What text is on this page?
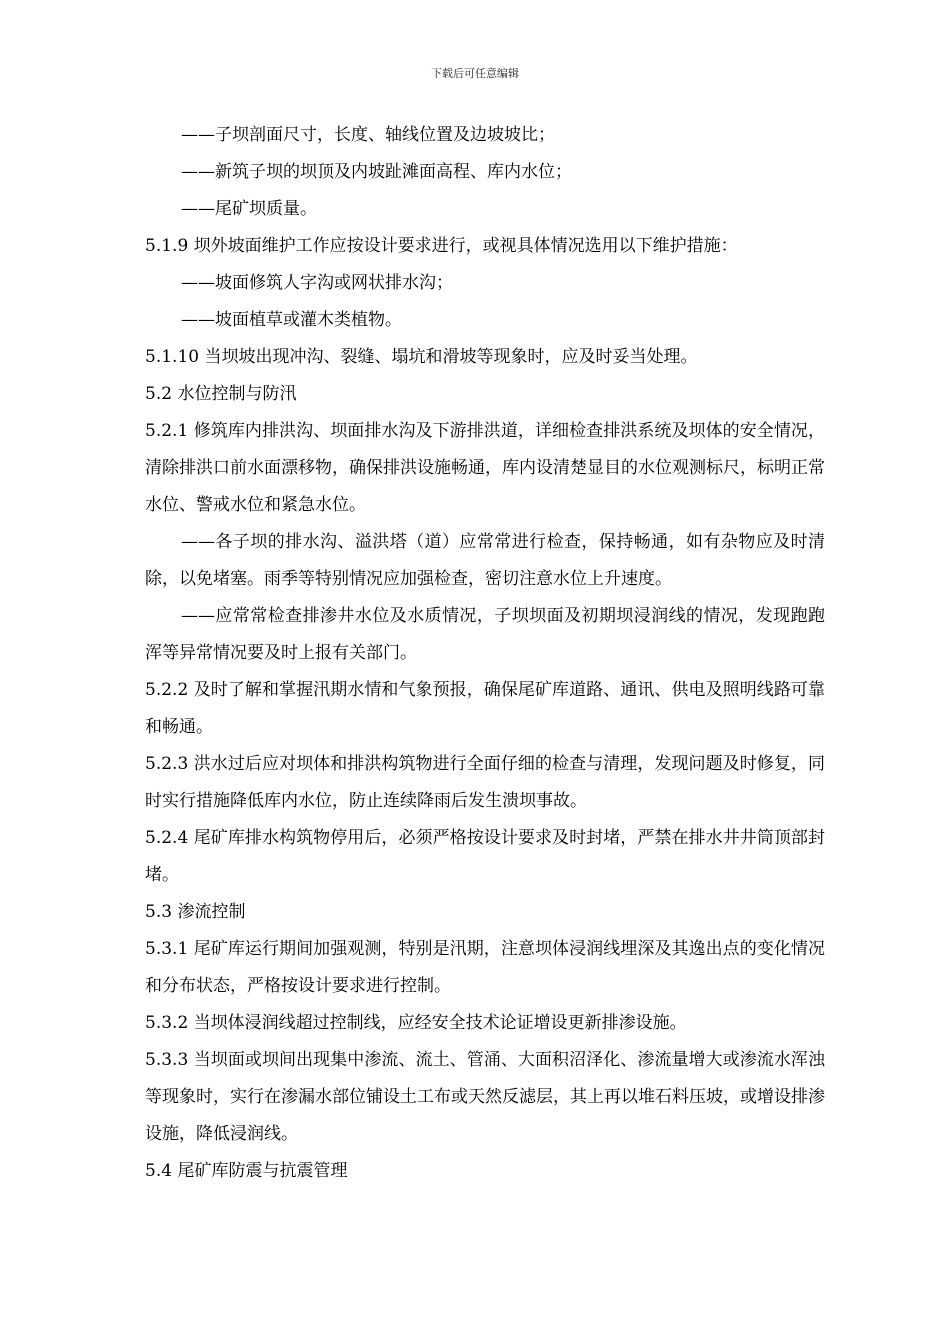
下载后可任意编辑

——子坝剖面尺寸，长度、轴线位置及边坡坡比；

——新筑子坝的坝顶及内坡趾滩面高程、库内水位；

——尾矿坝质量。

5.1.9 坝外坡面维护工作应按设计要求进行，或视具体情况选用以下维护措施：

——坡面修筑人字沟或网状排水沟；

——坡面植草或灌木类植物。

5.1.10 当坝坡出现冲沟、裂缝、塌坑和滑坡等现象时，应及时妥当处理。

5.2 水位控制与防汛

5.2.1 修筑库内排洪沟、坝面排水沟及下游排洪道，详细检查排洪系统及坝体的安全情况，清除排洪口前水面漂移物，确保排洪设施畅通，库内设清楚显目的水位观测标尺，标明正常水位、警戒水位和紧急水位。

——各子坝的排水沟、溢洪塔（道）应常常进行检查，保持畅通，如有杂物应及时清除，以免堵塞。雨季等特别情况应加强检查，密切注意水位上升速度。

——应常常检查排渗井水位及水质情况，子坝坝面及初期坝浸润线的情况，发现跑跑浑等异常情况要及时上报有关部门。

5.2.2 及时了解和掌握汛期水情和气象预报，确保尾矿库道路、通讯、供电及照明线路可靠和畅通。

5.2.3 洪水过后应对坝体和排洪构筑物进行全面仔细的检查与清理，发现问题及时修复，同时实行措施降低库内水位，防止连续降雨后发生溃坝事故。

5.2.4 尾矿库排水构筑物停用后，必须严格按设计要求及时封堵，严禁在排水井井筒顶部封堵。

5.3 渗流控制

5.3.1 尾矿库运行期间加强观测，特别是汛期，注意坝体浸润线埋深及其逸出点的变化情况和分布状态，严格按设计要求进行控制。

5.3.2 当坝体浸润线超过控制线，应经安全技术论证增设更新排渗设施。

5.3.3 当坝面或坝间出现集中渗流、流土、管涌、大面积沼泽化、渗流量增大或渗流水浑浊等现象时，实行在渗漏水部位铺设土工布或天然反滤层，其上再以堆石料压坡，或增设排渗设施，降低浸润线。

5.4 尾矿库防震与抗震管理
